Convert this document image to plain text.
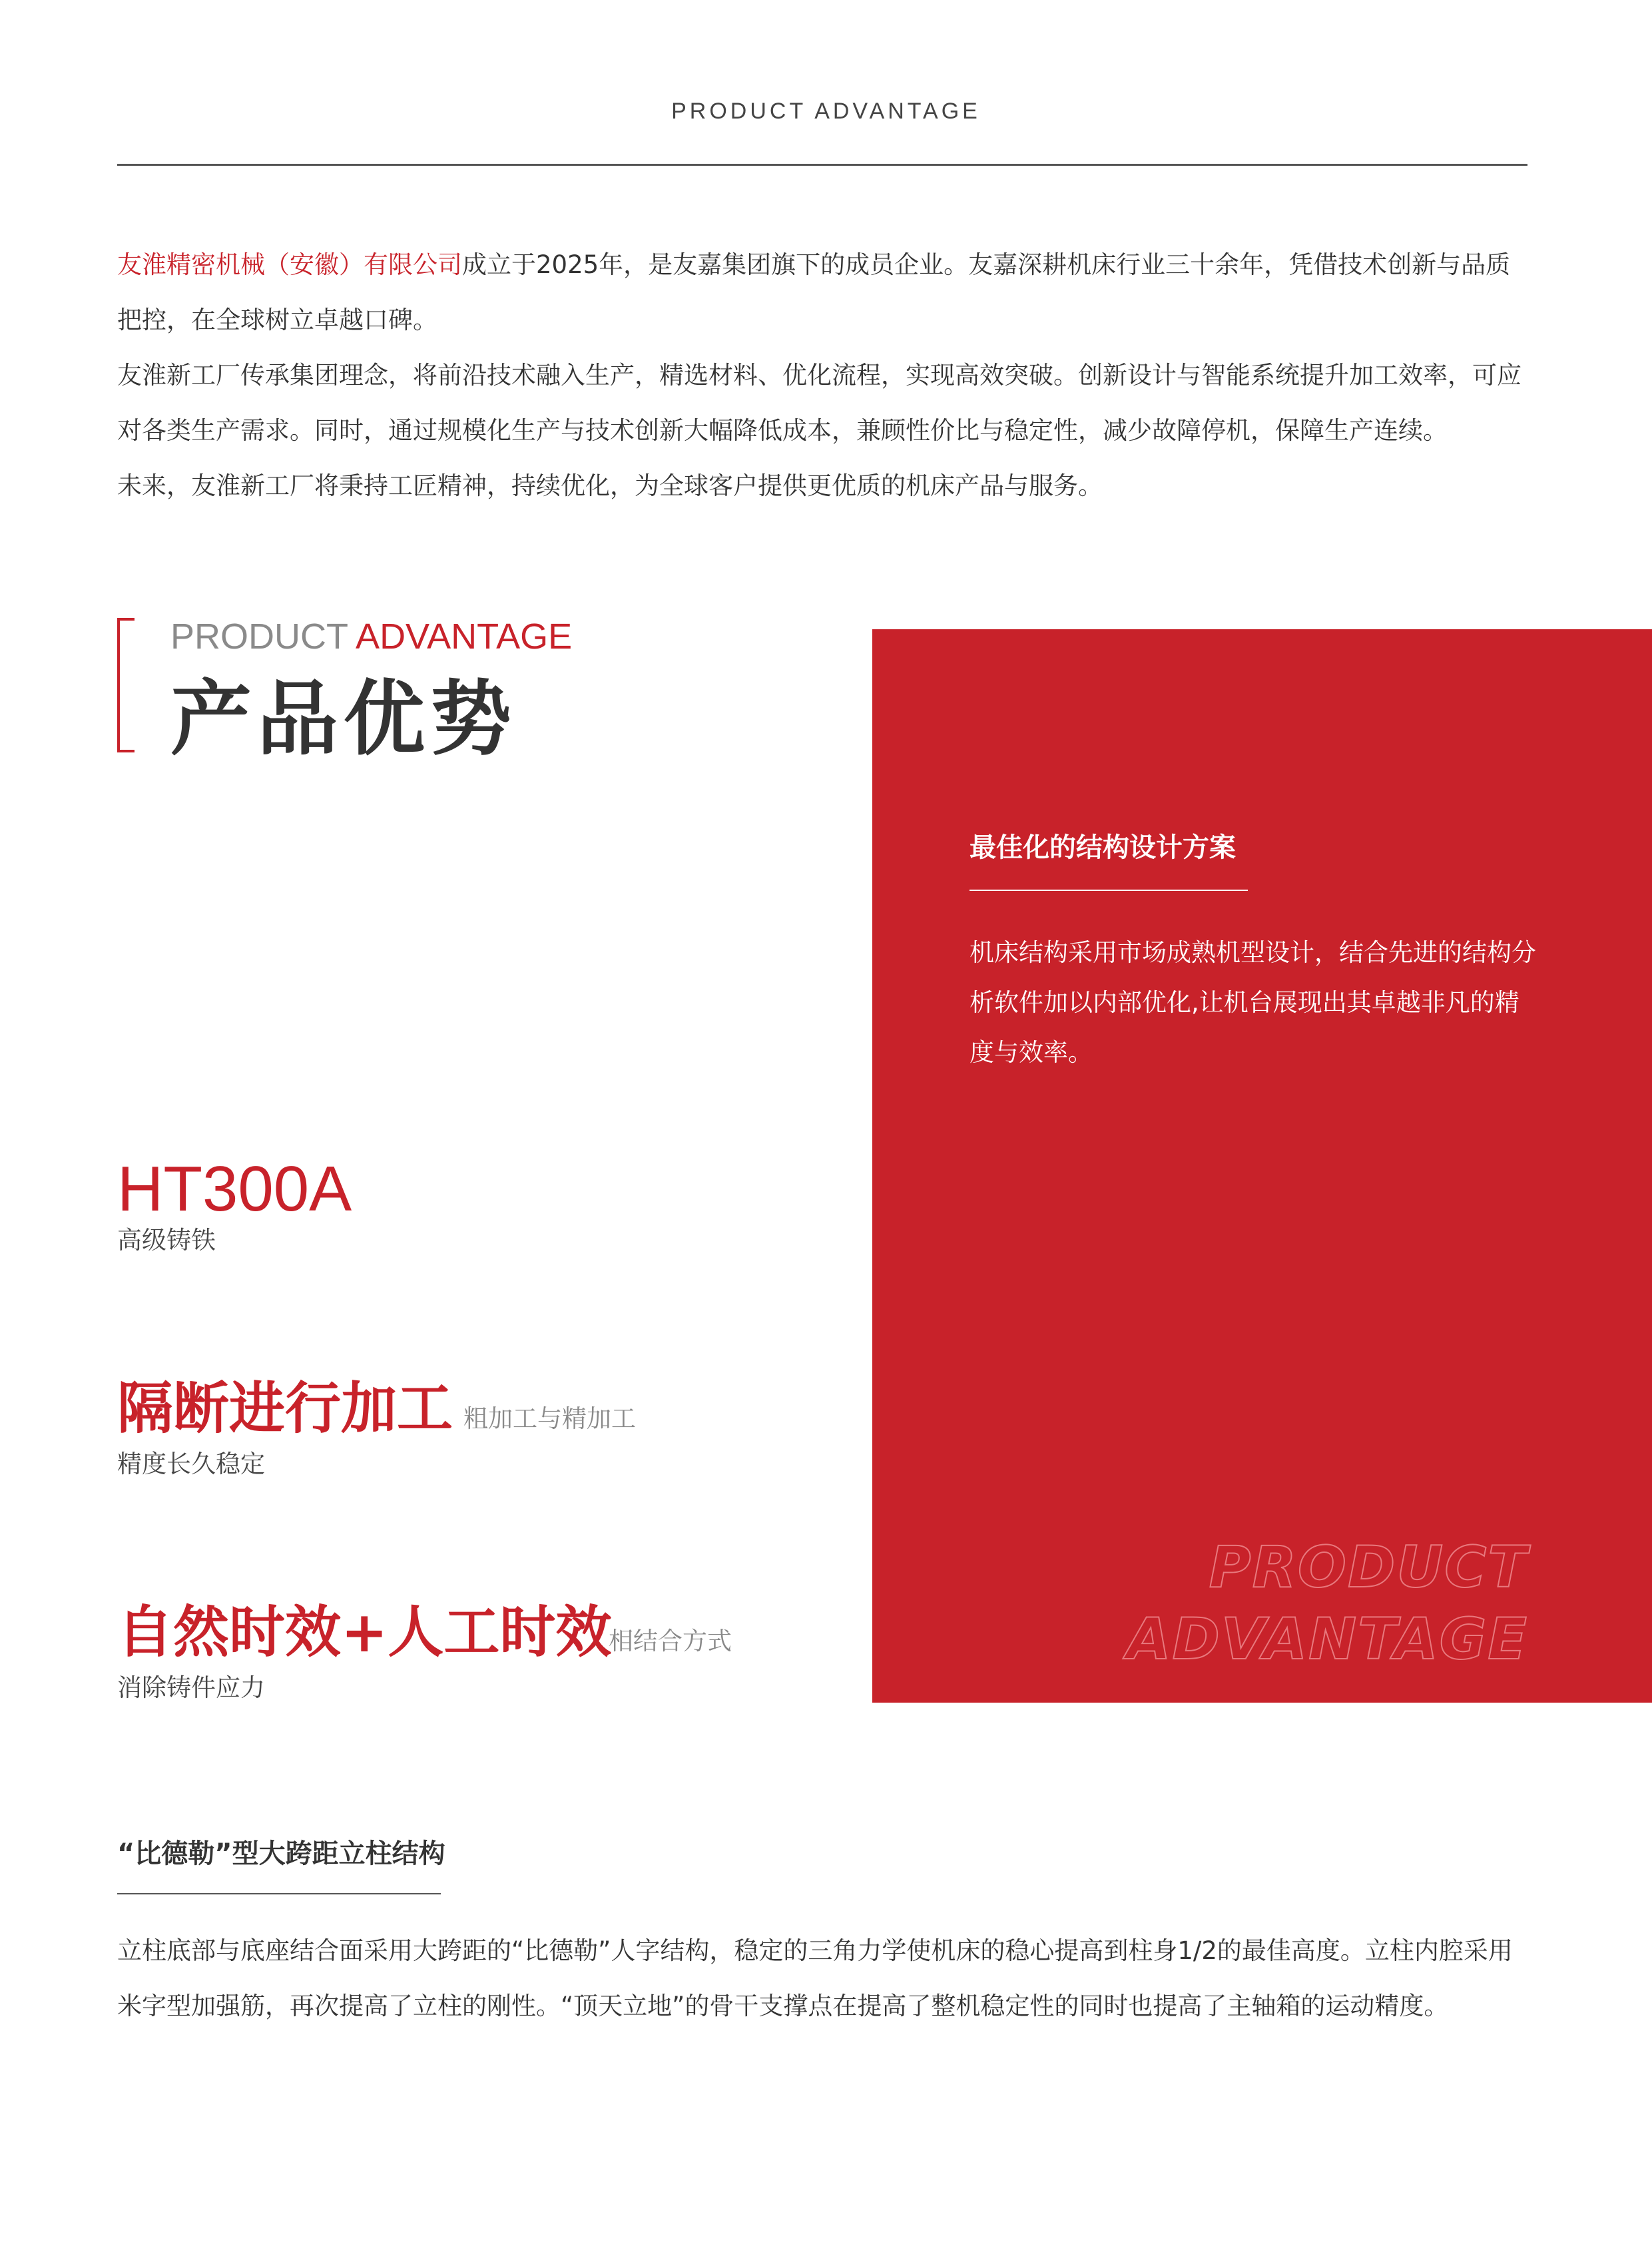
PRODUCT ADVANTAGE

友淮精密机械（安徽）有限公司成立于2025年，是友嘉集团旗下的成员企业。友嘉深耕机床行业三十余年，凭借技术创新与品质把控，在全球树立卓越口碑。

友淮新工厂传承集团理念，将前沿技术融入生产，精选材料、优化流程，实现高效突破。创新设计与智能系统提升加工效率，可应对各类生产需求。同时，通过规模化生产与技术创新大幅降低成本，兼顾性价比与稳定性，减少故障停机，保障生产连续。

未来，友淮新工厂将秉持工匠精神，持续优化，为全球客户提供更优质的机床产品与服务。

PRODUCT ADVANTAGE
产品优势
最佳化的结构设计方案
机床结构采用市场成熟机型设计，结合先进的结构分析软件加以内部优化,让机台展现出其卓越非凡的精度与效率。
PRODUCT
ADVANTAGE
HT300A
高级铸铁
隔断进行加工 粗加工与精加工
精度长久稳定
自然时效+人工时效
相结合方式
消除铸件应力
“比德勒”型大跨距立柱结构
立柱底部与底座结合面采用大跨距的“比德勒”人字结构，稳定的三角力学使机床的稳心提高到柱身1/2的最佳高度。立柱内腔采用米字型加强筋，再次提高了立柱的刚性。“顶天立地”的骨干支撑点在提高了整机稳定性的同时也提高了主轴箱的运动精度。
